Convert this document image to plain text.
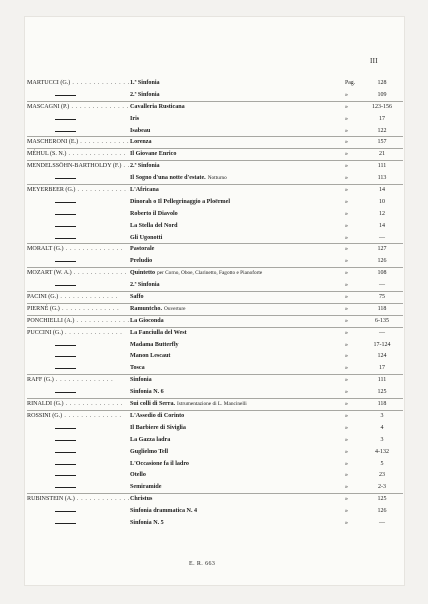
III
MARTUCCI (G.) . . .	1.ª Sinfonia	Pag.	128
2.ª Sinfonia	»	109
MASCAGNI (P.) . . .	Cavalleria Rusticana	»	123-156
Iris	»	17
Isabeau	»	122
MASCHERONI (E.) . . .	Lorenza	»	157
MÉHUL (S. N.) . . .	Il Giovane Enrico	»	21
MENDELSSÖHN-BARTHOLDY (F.) . . .	2.ª Sinfonia	»	111
Il Sogno d'una notte d'estate. Notturno	»	113
MEYERBEER (G.) . . .	L'Africana	»	14
Dinorah o Il Pellegrinaggio a Ploërmel	»	10
Roberto il Diavolo	»	12
La Stella del Nord	»	14
Gli Ugonotti	»	—
MORALT (G.) . . .	Pastorale	»	127
Preludio	»	126
MOZART (W. A.) . . .	Quintetto per Corno, Oboe, Clarinetto, Fagotto e Pianoforte	»	108
2.ª Sinfonia	»	—
PACINI (G.) . . .	Saffo	»	75
PIERNÉ (G.) . . .	Ramuntcho. Ouverture	»	118
PONCHIELLI (A.) . . .	La Gioconda	»	6-135
PUCCINI (G.) . . .	La Fanciulla del West	»	—
Madama Butterfly	»	17-124
Manon Lescaut	»	124
Tosca	»	17
RAFF (G.) . . .	Sinfonia	»	111
Sinfonia N. 6	»	125
RINALDI (G.) . . .	Sui colli di Serra. Istrumentazione di L. Mancinelli	»	118
ROSSINI (G.) . . .	L'Assedio di Corinto	»	3
Il Barbiere di Siviglia	»	4
La Gazza ladra	»	3
Guglielmo Tell	»	4-132
L'Occasione fa il ladro	»	5
Otello	»	23
Semiramide	»	2-3
RUBINSTEIN (A.) . . .	Christus	»	125
Sinfonia drammatica N. 4	»	126
Sinfonia N. 5	»	—
E. R. 663
